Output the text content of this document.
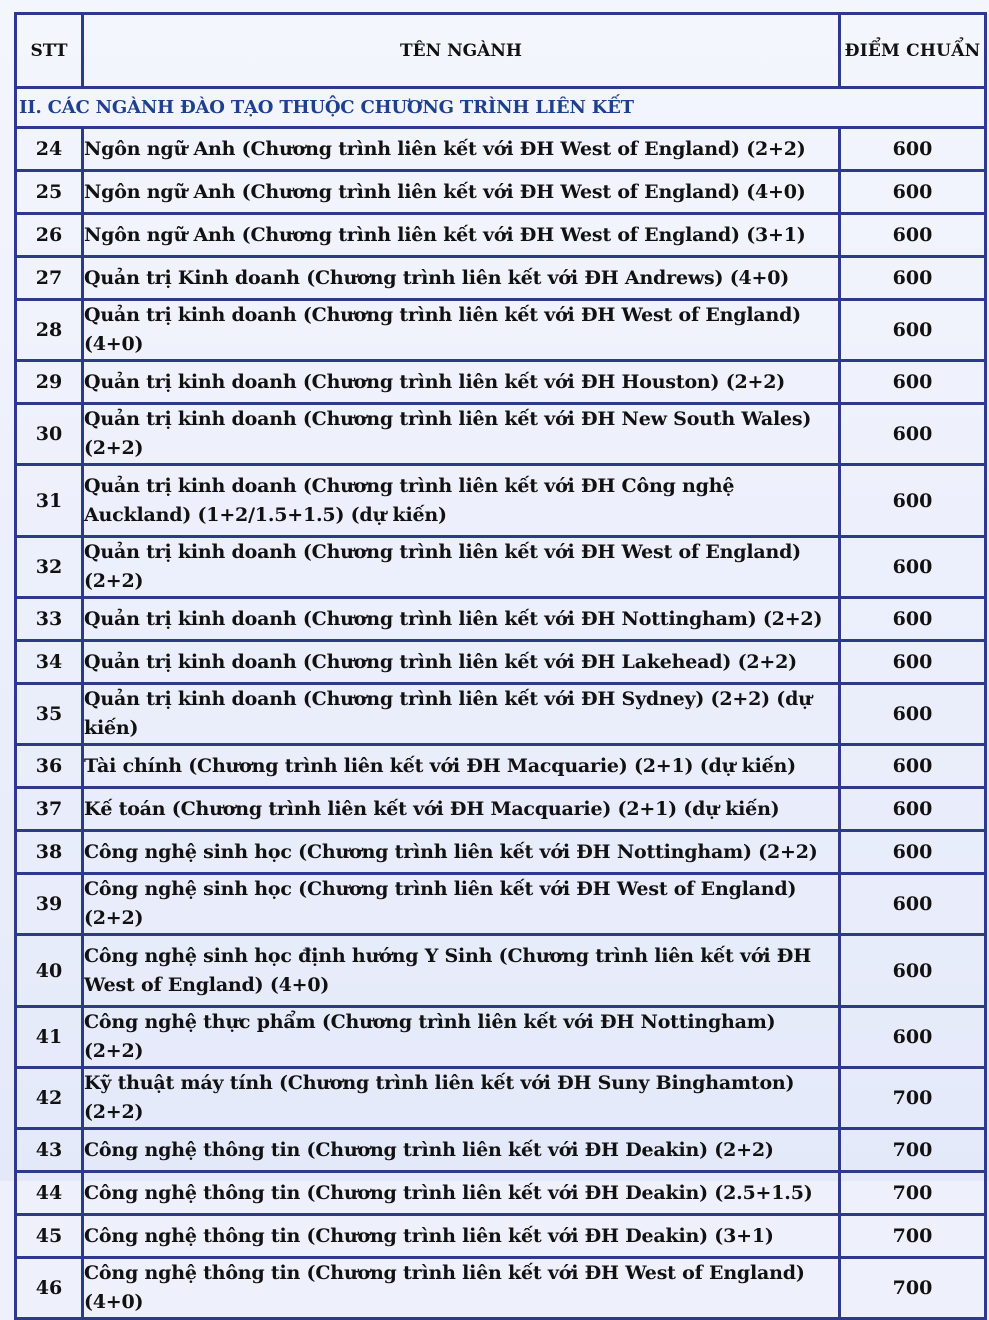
STT	TÊN NGÀNH	ĐIỂM CHUẨN
II. CÁC NGÀNH ĐÀO TẠO THUỘC CHƯƠNG TRÌNH LIÊN KẾT		
24	Ngôn ngữ Anh (Chương trình liên kết với ĐH West of England) (2+2)	600
25	Ngôn ngữ Anh (Chương trình liên kết với ĐH West of England) (4+0)	600
26	Ngôn ngữ Anh (Chương trình liên kết với ĐH West of England) (3+1)	600
27	Quản trị Kinh doanh (Chương trình liên kết với ĐH Andrews) (4+0)	600
28	Quản trị kinh doanh (Chương trình liên kết với ĐH West of England) (4+0)	600
29	Quản trị kinh doanh (Chương trình liên kết với ĐH Houston) (2+2)	600
30	Quản trị kinh doanh (Chương trình liên kết với ĐH New South Wales) (2+2)	600
31	Quản trị kinh doanh (Chương trình liên kết với ĐH Công nghệ Auckland) (1+2/1.5+1.5) (dự kiến)	600
32	Quản trị kinh doanh (Chương trình liên kết với ĐH West of England) (2+2)	600
33	Quản trị kinh doanh (Chương trình liên kết với ĐH Nottingham) (2+2)	600
34	Quản trị kinh doanh (Chương trình liên kết với ĐH Lakehead) (2+2)	600
35	Quản trị kinh doanh (Chương trình liên kết với ĐH Sydney) (2+2) (dự kiến)	600
36	Tài chính (Chương trình liên kết với ĐH Macquarie) (2+1) (dự kiến)	600
37	Kế toán (Chương trình liên kết với ĐH Macquarie) (2+1) (dự kiến)	600
38	Công nghệ sinh học (Chương trình liên kết với ĐH Nottingham) (2+2)	600
39	Công nghệ sinh học (Chương trình liên kết với ĐH West of England) (2+2)	600
40	Công nghệ sinh học định hướng Y Sinh (Chương trình liên kết với ĐH West of England) (4+0)	600
41	Công nghệ thực phẩm (Chương trình liên kết với ĐH Nottingham) (2+2)	600
42	Kỹ thuật máy tính (Chương trình liên kết với ĐH Suny Binghamton) (2+2)	700
43	Công nghệ thông tin (Chương trình liên kết với ĐH Deakin) (2+2)	700
44	Công nghệ thông tin (Chương trình liên kết với ĐH Deakin) (2.5+1.5)	700
45	Công nghệ thông tin (Chương trình liên kết với ĐH Deakin) (3+1)	700
46	Công nghệ thông tin (Chương trình liên kết với ĐH West of England) (4+0)	700
